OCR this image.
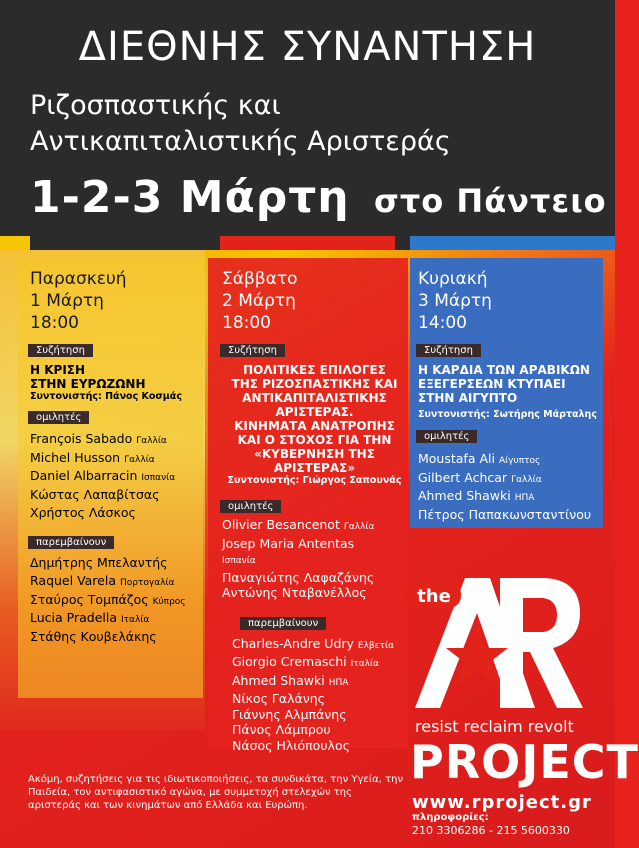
ΔΙΕΘΝΗΣ ΣΥΝΑΝΤΗΣΗ
Ριζοσπαστικής και
Αντικαπιταλιστικής Αριστεράς
1-2-3 Μάρτη στο Πάντειο
Παρασκευή
1 Μάρτη
18:00
Συζήτηση
Η ΚΡΙΣΗ
ΣΤΗΝ ΕΥΡΩΖΩΝΗ
Συντονιστής: Πάνος Κοσμάς
ομιλητές
François Sabado Γαλλία
Michel Husson Γαλλία
Daniel Albarracin Ισπανία
Κώστας Λαπαβίτσας
Χρήστος Λάσκος
παρεμβαίνουν
Δημήτρης Μπελαντής
Raquel Varela Πορτογαλία
Σταύρος Τομπάζος Κύπρος
Lucia Pradella Ιταλία
Στάθης Κουβελάκης
Σάββατο
2 Μάρτη
18:00
Συζήτηση
ΠΟΛΙΤΙΚΕΣ ΕΠΙΛΟΓΕΣ
ΤΗΣ ΡΙΖΟΣΠΑΣΤΙΚΗΣ ΚΑΙ
ΑΝΤΙΚΑΠΙΤΑΛΙΣΤΙΚΗΣ
ΑΡΙΣΤΕΡΑΣ.
ΚΙΝΗΜΑΤΑ ΑΝΑΤΡΟΠΗΣ
ΚΑΙ Ο ΣΤΟΧΟΣ ΓΙΑ ΤΗΝ
«ΚΥΒΕΡΝΗΣΗ ΤΗΣ
ΑΡΙΣΤΕΡΑΣ»
Συντονιστής: Γιώργος Σαπουνάς
ομιλητές
Olivier Besancenot Γαλλία
Josep Maria Antentas
Ισπανία
Παναγιώτης Λαφαζάνης
Αντώνης Νταβανέλλος
παρεμβαίνουν
Charles-Andre Udry Ελβετία
Giorgio Cremaschi Ιταλία
Ahmed Shawki ΗΠΑ
Νίκος Γαλάνης
Γιάννης Αλμπάνης
Πάνος Λάμπρου
Νάσος Ηλιόπουλος
Κυριακή
3 Μάρτη
14:00
Συζήτηση
Η ΚΑΡΔΙΑ ΤΩΝ ΑΡΑΒΙΚΩΝ
ΕΞΕΓΕΡΣΕΩΝ ΚΤΥΠΑΕΙ
ΣΤΗΝ ΑΙΓΥΠΤΟ
Συντονιστής: Σωτήρης Μάρταλης
ομιλητές
Moustafa Ali Αίγυπτος
Gilbert Achcar Γαλλία
Ahmed Shawki ΗΠΑ
Πέτρος Παπακωνσταντίνου
the
resist reclaim revolt
PROJECT
www.rproject.gr
πληροφορίες:
210 3306286 - 215 5600330
Ακόμη, συζητήσεις για τις ιδιωτικοποιήσεις, τα συνδικάτα, την Υγεία, την Παιδεία, τον αντιφασιστικό αγώνα, με συμμετοχή στελεχών της αριστεράς και των κινημάτων από Ελλάδα και Ευρώπη.
